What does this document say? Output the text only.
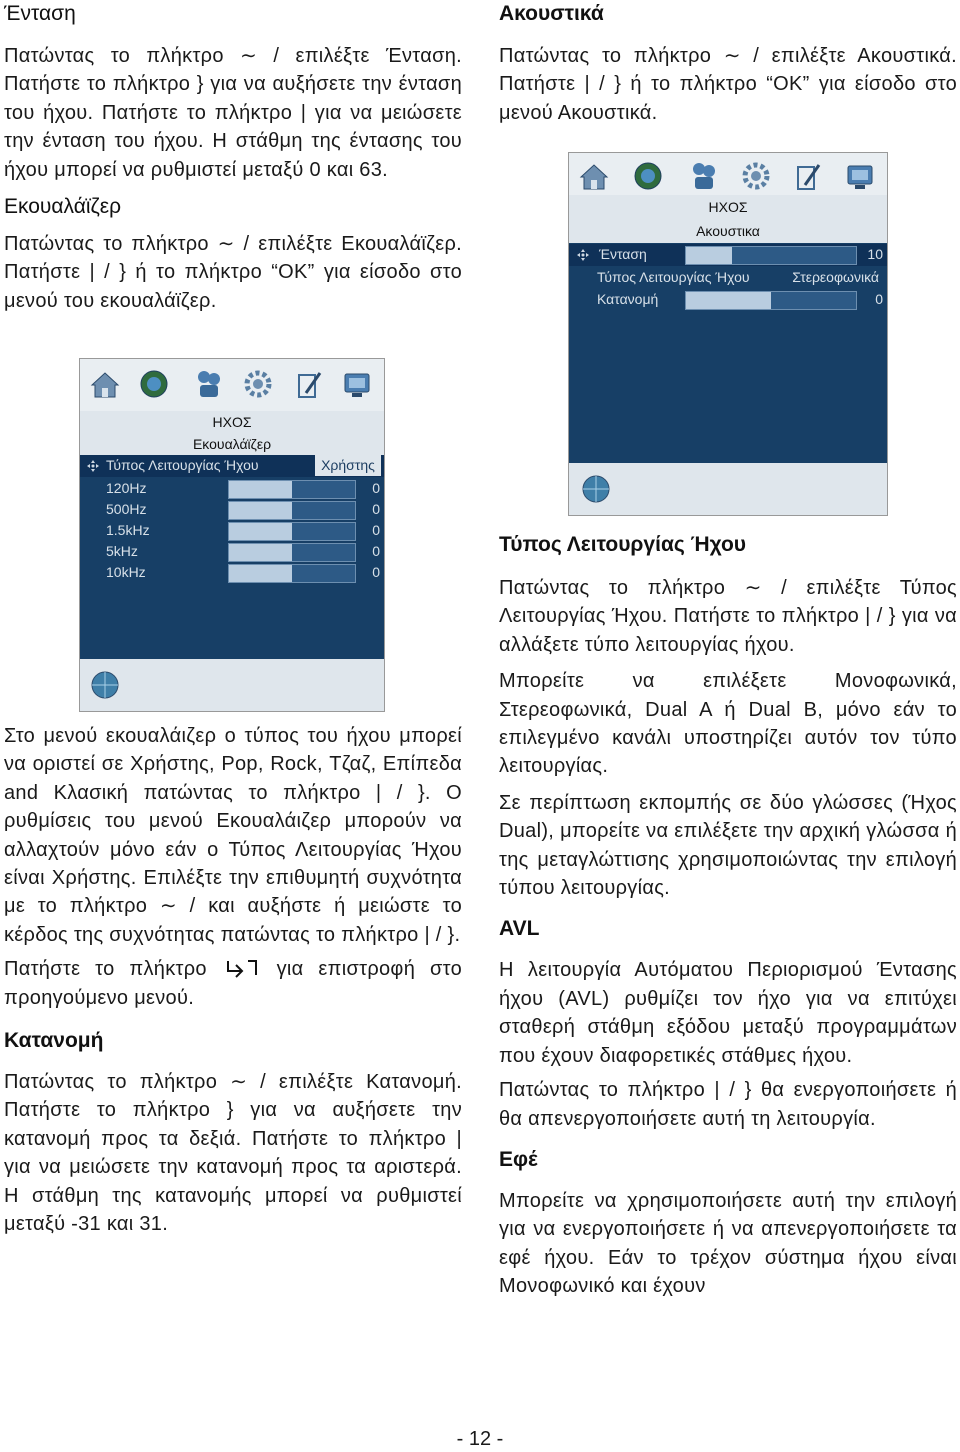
Ένταση

Πατώντας το πλήκτρο ∼ / επιλέξτε Ένταση. Πατήστε το πλήκτρο } για να αυξήσετε την ένταση του ήχου. Πατήστε το πλήκτρο | για να μειώσετε την ένταση του ήχου. Η στάθμη της έντασης του ήχου μπορεί να ρυθμιστεί μεταξύ 0 και 63.

Εκουαλάϊζερ

Πατώντας το πλήκτρο ∼ / επιλέξτε Εκουαλάϊζερ. Πατήστε | / } ή το πλήκτρο “OK” για είσοδο στο μενού του εκουαλάϊζερ.

ΗΧΟΣ
Εκουαλάϊζερ
Τύπος Λειτουργίας Ήχου	Χρήστης
120Hz	0
500Hz	0
1.5kHz	0
5kHz	0
10kHz	0

Στο μενού εκουαλάιζερ ο τύπος του ήχου μπορεί να οριστεί σε Χρήστης, Pop, Rock, Τζαζ, Επίπεδα and Κλασική πατώντας το πλήκτρο | / }. Ο ρυθμίσεις του μενού Εκουαλάιζερ μπορούν να αλλαχτούν μόνο εάν ο Τύπος Λειτουργίας Ήχου είναι Χρήστης. Επιλέξτε την επιθυμητή συχνότητα με το πλήκτρο ∼ / και αυξήστε ή μειώστε το κέρδος της συχνότητας πατώντας το πλήκτρο | / }.

Πατήστε το πλήκτρο	για επιστροφή στο προηγούμενο μενού.

Κατανομή

Πατώντας το πλήκτρο ∼ / επιλέξτε Κατανομή. Πατήστε το πλήκτρο } για να αυξήσετε την κατανομή προς τα δεξιά. Πατήστε το πλήκτρο | για να μειώσετε την κατανομή προς τα αριστερά. Η στάθμη της κατανομής μπορεί να ρυθμιστεί μεταξύ -31 και 31.

Ακουστικά

Πατώντας το πλήκτρο ∼ / επιλέξτε Ακουστικά. Πατήστε | / } ή το πλήκτρο “OK” για είσοδο στο μενού Ακουστικά.

ΗΧΟΣ
Ακουστικα
Ένταση	10
Τύπος Λειτουργίας Ήχου	Στερεοφωνικά
Κατανομή	0
Τύπος Λειτουργίας Ήχου

Πατώντας το πλήκτρο ∼ / επιλέξτε Τύπος Λειτουργίας Ήχου. Πατήστε το πλήκτρο | / } για να αλλάξετε τύπο λειτουργίας ήχου.

Μπορείτε να επιλέξετε Μονοφωνικά, Στερεοφωνικά, Dual A ή Dual B, μόνο εάν το επιλεγμένο κανάλι υποστηρίζει αυτόν τον τύπο λειτουργίας.

Σε περίπτωση εκπομπής σε δύο γλώσσες (Ήχος Dual), μπορείτε να επιλέξετε την αρχική γλώσσα ή της μεταγλώττισης χρησιμοποιώντας την επιλογή τύπου λειτουργίας.

AVL

Η λειτουργία Αυτόματου Περιορισμού Έντασης ήχου (AVL) ρυθμίζει τον ήχο για να επιτύχει σταθερή στάθμη εξόδου μεταξύ προγραμμάτων που έχουν διαφορετικές στάθμες ήχου.

Πατώντας το πλήκτρο | / } θα ενεργοποιήσετε ή θα απενεργοποιήσετε αυτή τη λειτουργία.

Εφέ

Μπορείτε να χρησιμοποιήσετε αυτή την επιλογή για να ενεργοποιήσετε ή να απενεργοποιήσετε τα εφέ ήχου. Εάν το τρέχον σύστημα ήχου είναι Μονοφωνικό και έχουν

- 12 -
